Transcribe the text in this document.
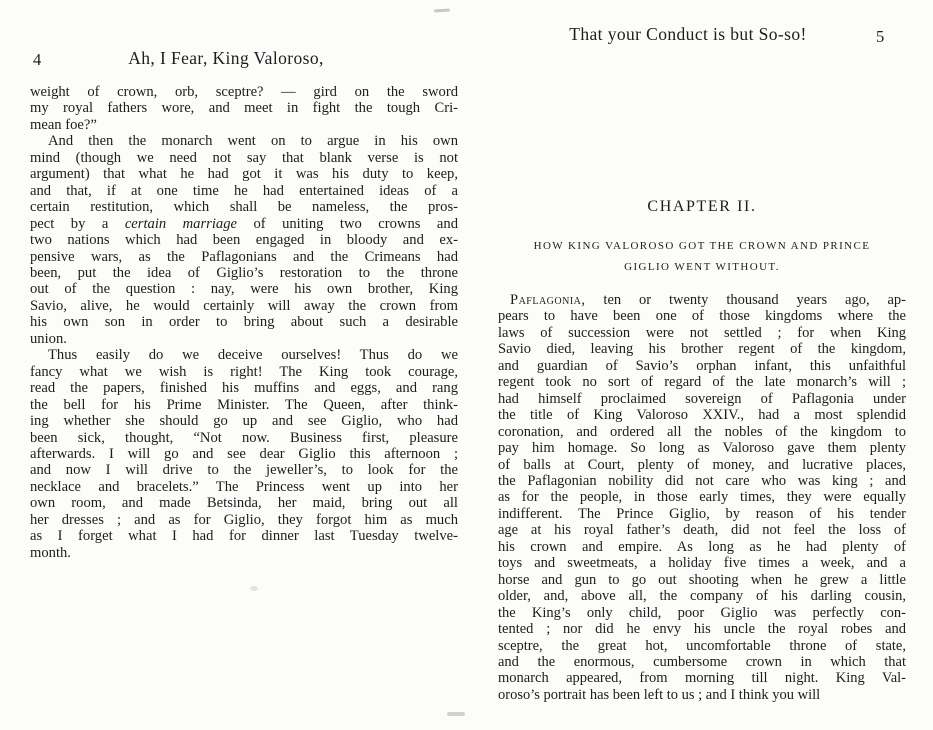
4	Ah, I Fear, King Valoroso,
weight of crown, orb, sceptre? — gird on the sword
my royal fathers wore, and meet in fight the tough Cri-
mean foe?”
And then the monarch went on to argue in his own
mind (though we need not say that blank verse is not
argument) that what he had got it was his duty to keep,
and that, if at one time he had entertained ideas of a
certain restitution, which shall be nameless, the pros-
pect by a certain marriage of uniting two crowns and
two nations which had been engaged in bloody and ex-
pensive wars, as the Paflagonians and the Crimeans had
been, put the idea of Giglio’s restoration to the throne
out of the question : nay, were his own brother, King
Savio, alive, he would certainly will away the crown from
his own son in order to bring about such a desirable
union.
Thus easily do we deceive ourselves! Thus do we
fancy what we wish is right! The King took courage,
read the papers, finished his muffins and eggs, and rang
the bell for his Prime Minister. The Queen, after think-
ing whether she should go up and see Giglio, who had
been sick, thought, “Not now. Business first, pleasure
afterwards. I will go and see dear Giglio this afternoon ;
and now I will drive to the jeweller’s, to look for the
necklace and bracelets.” The Princess went up into her
own room, and made Betsinda, her maid, bring out all
her dresses ; and as for Giglio, they forgot him as much
as I forget what I had for dinner last Tuesday twelve-
month.
That your Conduct is but So-so!	5
CHAPTER II.
HOW KING VALOROSO GOT THE CROWN AND PRINCE
GIGLIO WENT WITHOUT.
Paflagonia, ten or twenty thousand years ago, ap-
pears to have been one of those kingdoms where the
laws of succession were not settled ; for when King
Savio died, leaving his brother regent of the kingdom,
and guardian of Savio’s orphan infant, this unfaithful
regent took no sort of regard of the late monarch’s will ;
had himself proclaimed sovereign of Paflagonia under
the title of King Valoroso XXIV., had a most splendid
coronation, and ordered all the nobles of the kingdom to
pay him homage. So long as Valoroso gave them plenty
of balls at Court, plenty of money, and lucrative places,
the Paflagonian nobility did not care who was king ; and
as for the people, in those early times, they were equally
indifferent. The Prince Giglio, by reason of his tender
age at his royal father’s death, did not feel the loss of
his crown and empire. As long as he had plenty of
toys and sweetmeats, a holiday five times a week, and a
horse and gun to go out shooting when he grew a little
older, and, above all, the company of his darling cousin,
the King’s only child, poor Giglio was perfectly con-
tented ; nor did he envy his uncle the royal robes and
sceptre, the great hot, uncomfortable throne of state,
and the enormous, cumbersome crown in which that
monarch appeared, from morning till night. King Val-
oroso’s portrait has been left to us ; and I think you will
